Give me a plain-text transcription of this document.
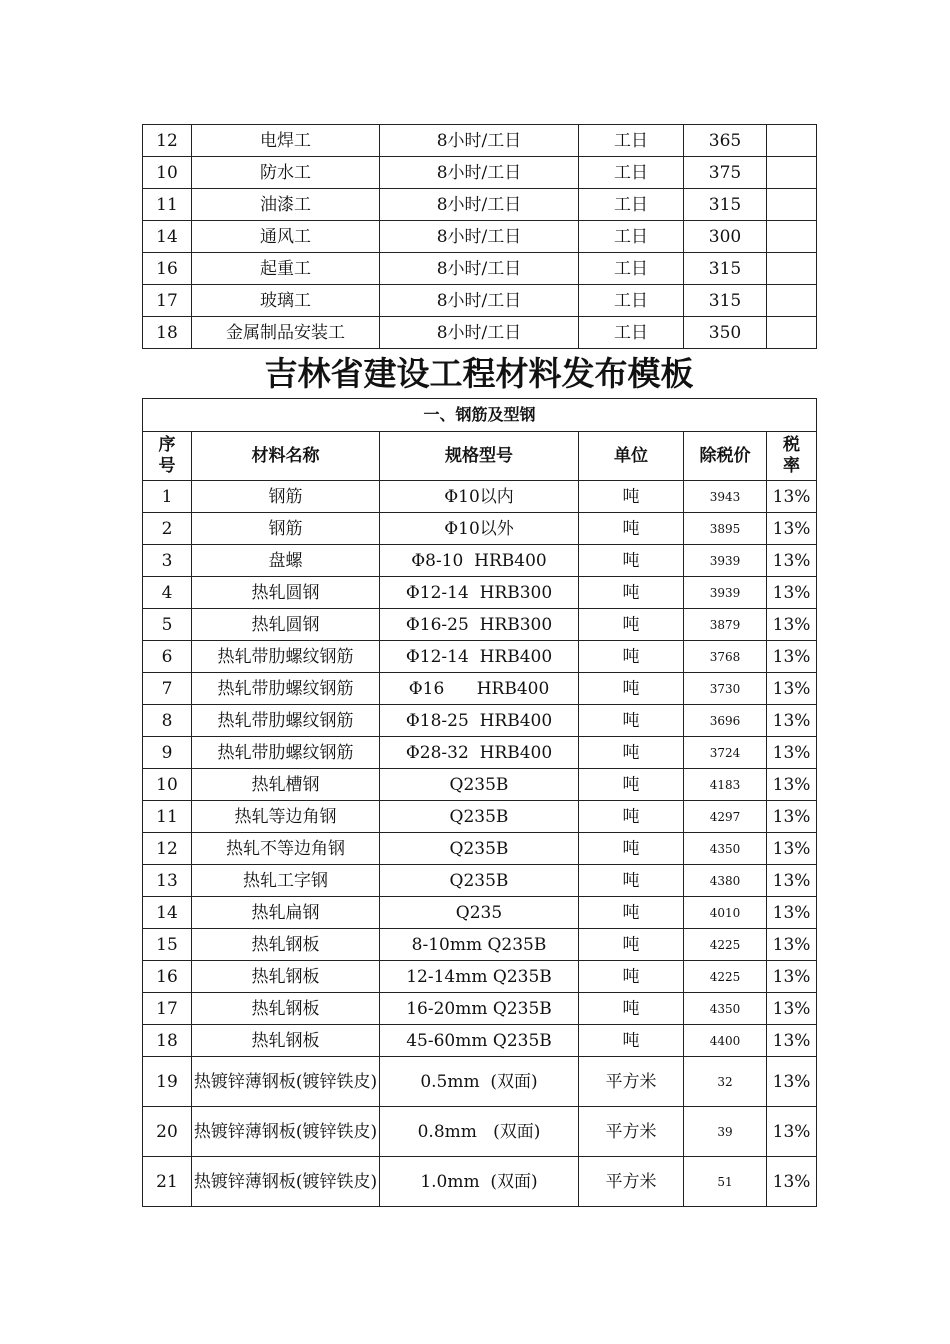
12	电焊工	8小时/工日	工日	365	
10	防水工	8小时/工日	工日	375	
11	油漆工	8小时/工日	工日	315	
14	通风工	8小时/工日	工日	300	
16	起重工	8小时/工日	工日	315	
17	玻璃工	8小时/工日	工日	315	
18	金属制品安装工	8小时/工日	工日	350	
吉林省建设工程材料发布模板
一、钢筋及型钢					
序号	材料名称	规格型号	单位	除税价	税率
1	钢筋	Φ10以内	吨	3943	13%
2	钢筋	Φ10以外	吨	3895	13%
3	盘螺	Φ8-10  HRB400	吨	3939	13%
4	热轧圆钢	Φ12-14  HRB300	吨	3939	13%
5	热轧圆钢	Φ16-25  HRB300	吨	3879	13%
6	热轧带肋螺纹钢筋	Φ12-14  HRB400	吨	3768	13%
7	热轧带肋螺纹钢筋	Φ16      HRB400	吨	3730	13%
8	热轧带肋螺纹钢筋	Φ18-25  HRB400	吨	3696	13%
9	热轧带肋螺纹钢筋	Φ28-32  HRB400	吨	3724	13%
10	热轧槽钢	Q235B	吨	4183	13%
11	热轧等边角钢	Q235B	吨	4297	13%
12	热轧不等边角钢	Q235B	吨	4350	13%
13	热轧工字钢	Q235B	吨	4380	13%
14	热轧扁钢	Q235	吨	4010	13%
15	热轧钢板	8-10mm Q235B	吨	4225	13%
16	热轧钢板	12-14mm Q235B	吨	4225	13%
17	热轧钢板	16-20mm Q235B	吨	4350	13%
18	热轧钢板	45-60mm Q235B	吨	4400	13%
19	热镀锌薄钢板(镀锌铁皮)	0.5mm  (双面)	平方米	32	13%
20	热镀锌薄钢板(镀锌铁皮)	0.8mm   (双面)	平方米	39	13%
21	热镀锌薄钢板(镀锌铁皮)	1.0mm  (双面)	平方米	51	13%
